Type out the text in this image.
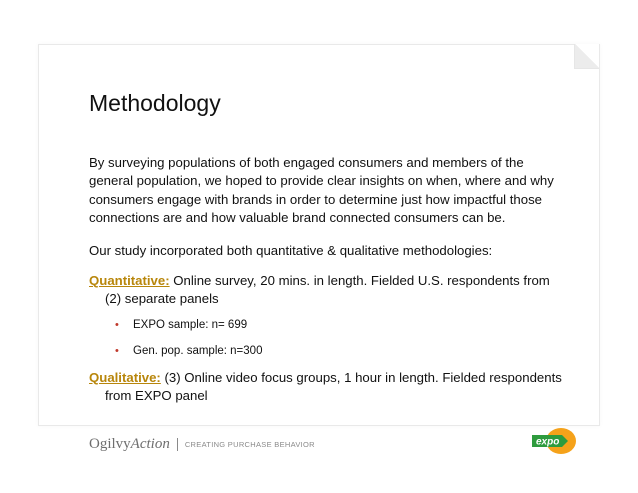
Methodology

By surveying populations of both engaged consumers and members of the general population, we hoped to provide clear insights on when, where and why consumers engage with brands in order to determine just how impactful those connections are and how valuable brand connected consumers can be.

Our study incorporated both quantitative & qualitative methodologies:

Quantitative: Online survey, 20 mins. in length. Fielded U.S. respondents from (2) separate panels

• EXPO sample: n= 699
• Gen. pop. sample: n=300

Qualitative: (3) Online video focus groups, 1 hour in length. Fielded respondents from EXPO panel

Ogilvy Action CREATING PURCHASE BEHAVIOR	expo
